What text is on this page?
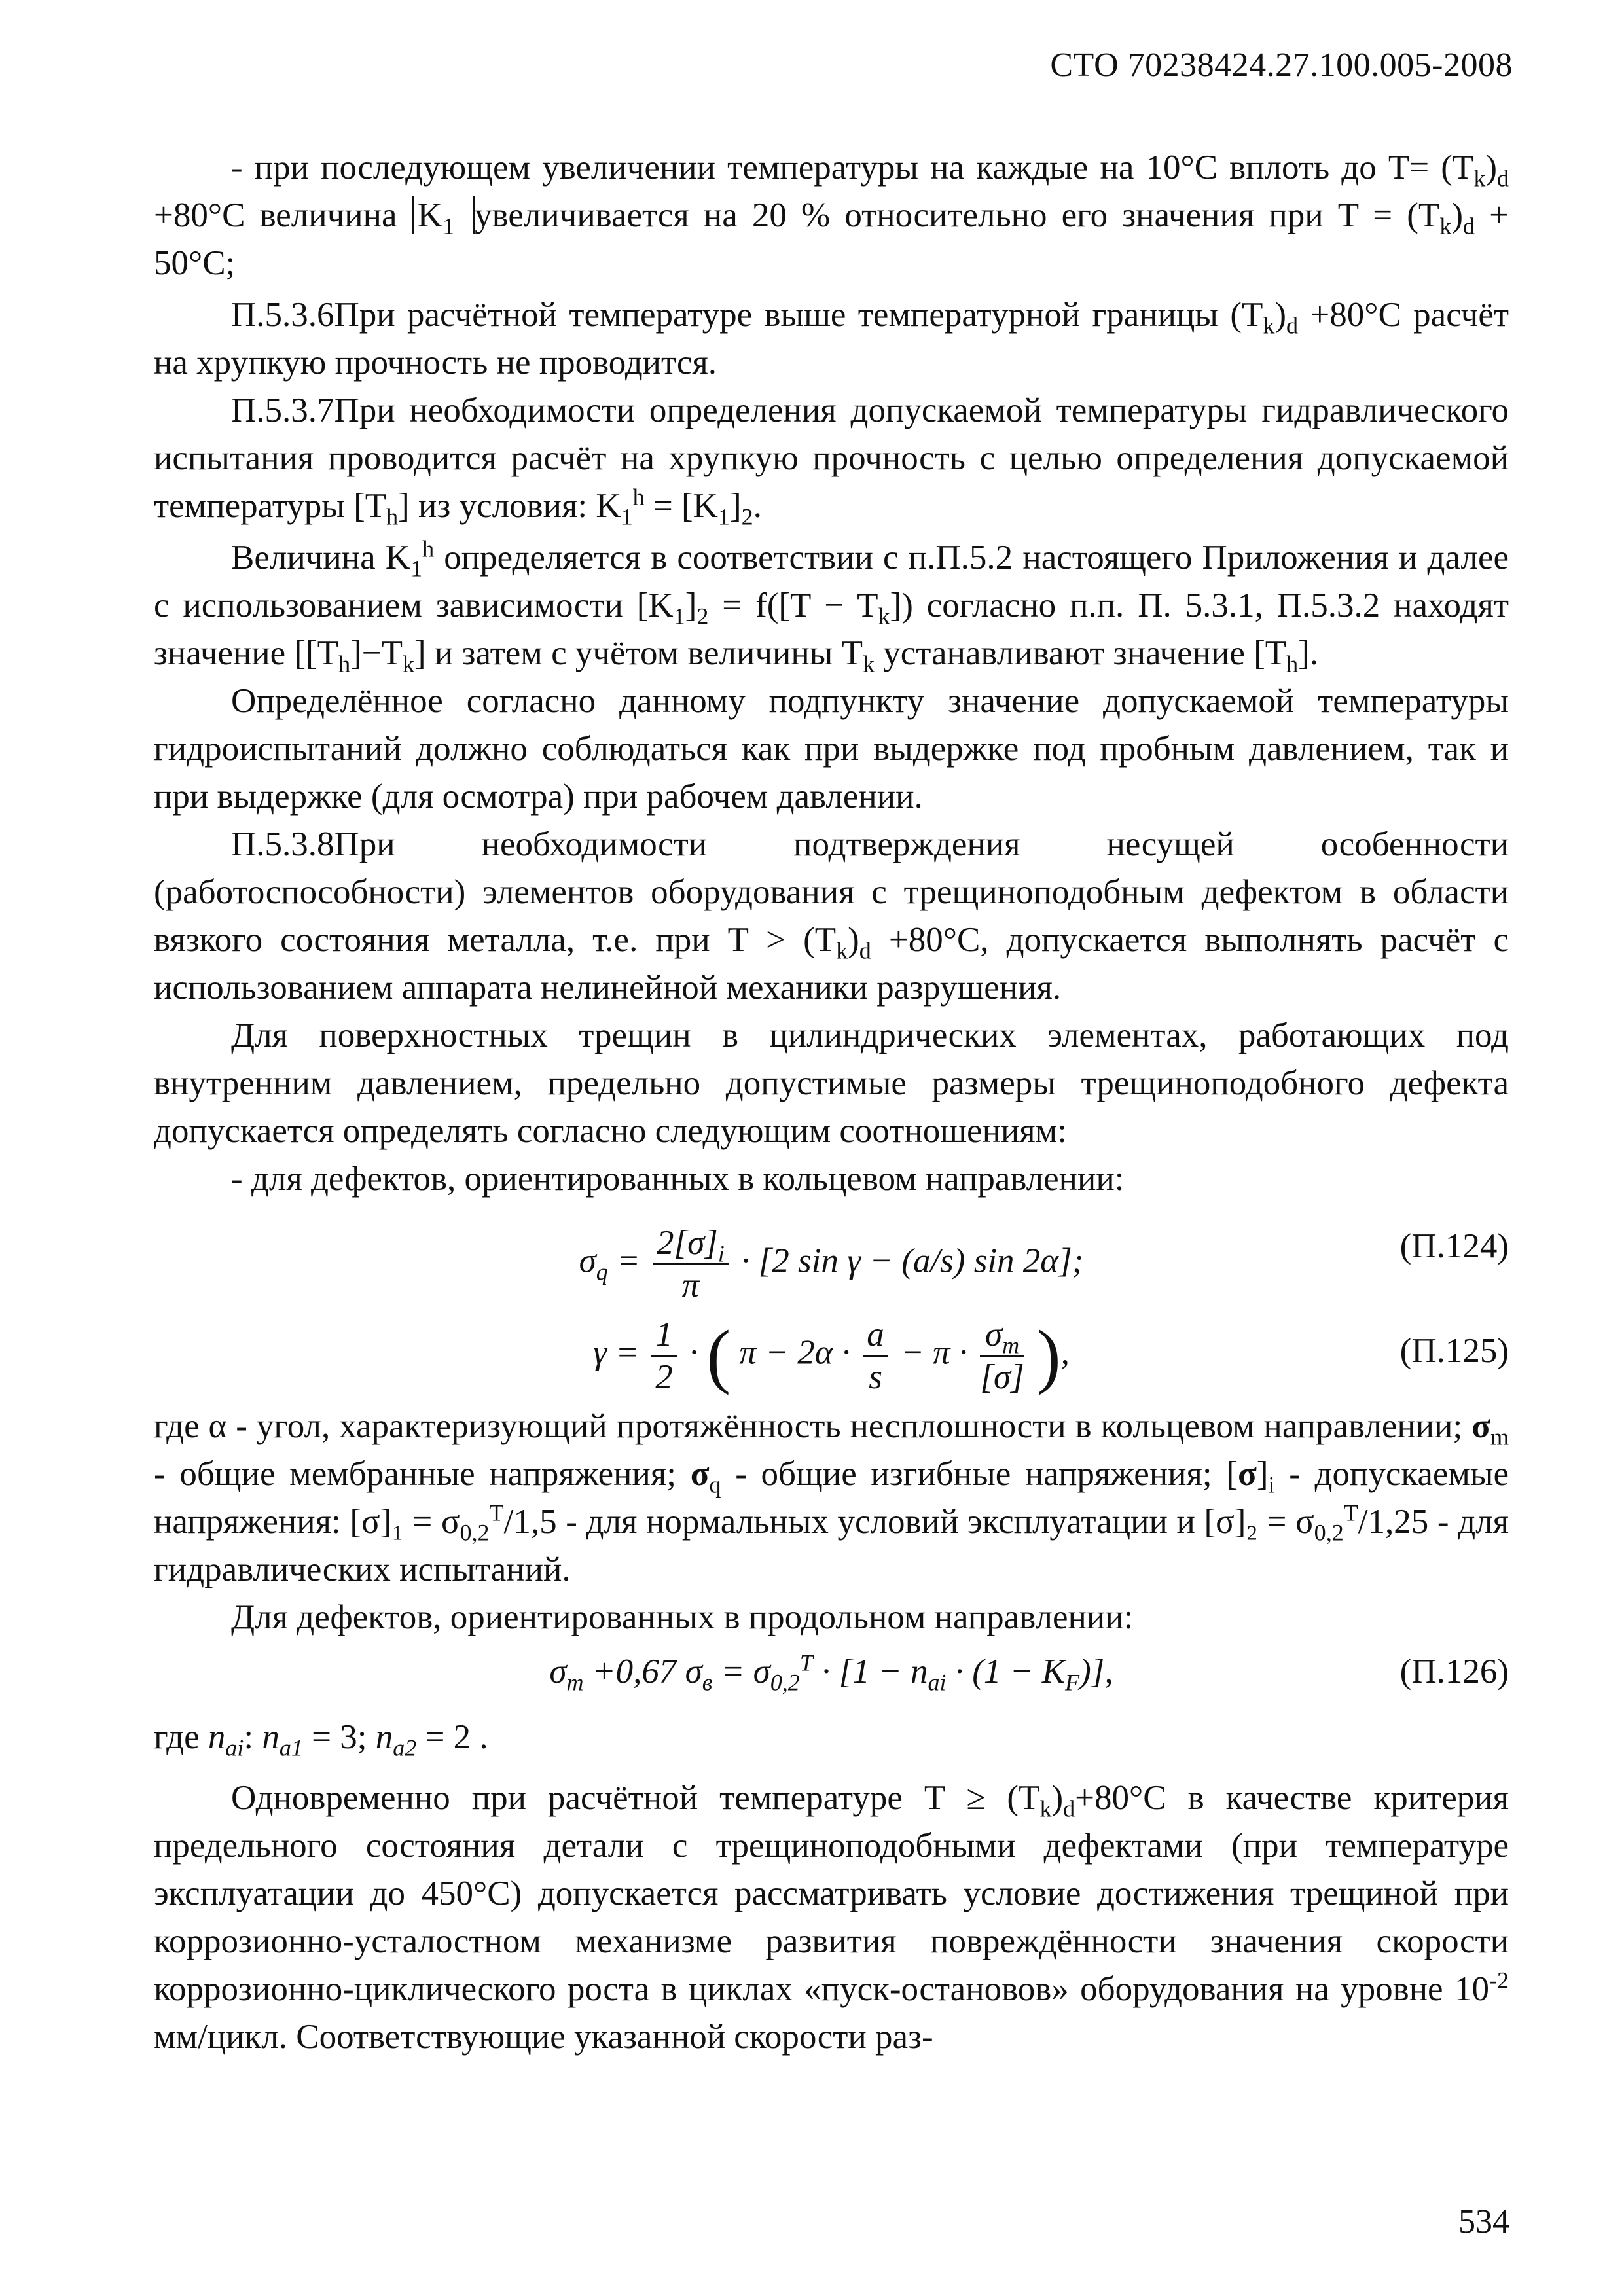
СТО 70238424.27.100.005-2008

- при последующем увеличении температуры на каждые на 10°С вплоть до $T= (T_k)_d +80^\circ С$ величина $K_1$ увеличивается на 20 % относительно его значения при $T = (T_k)_d + 50^\circ С$;

П.5.3.6При расчётной температуре выше температурной границы $(T_k)_d +80^\circ С$ расчёт на хрупкую прочность не проводится.

П.5.3.7При необходимости определения допускаемой температуры гидравлического испытания проводится расчёт на хрупкую прочность с целью определения допускаемой температуры $[T_h]$ из условия: $K_1^h = [K_1]_2$.

Величина $K_1^h$ определяется в соответствии с п.П.5.2 настоящего Приложения и далее с использованием зависимости $[K_1]_2 = f([T - T_k])$ согласно п.п. П. 5.3.1, П.5.3.2 находят значение $[[T_h]-T_k]$ и затем с учётом величины $T_k$ устанавливают значение $[T_h]$.

Определённое согласно данному подпункту значение допускаемой температуры гидроиспытаний должно соблюдаться как при выдержке под пробным давлением, так и при выдержке (для осмотра) при рабочем давлении.

П.5.3.8При необходимости подтверждения несущей особенности (работоспособности) элементов оборудования с трещиноподобным дефектом в области вязкого состояния металла, т.е. при $T > (T_k)_d +80^\circ С$, допускается выполнять расчёт с использованием аппарата нелинейной механики разрушения.

Для поверхностных трещин в цилиндрических элементах, работающих под внутренним давлением, предельно допустимые размеры трещиноподобного дефекта допускается определять согласно следующим соотношениям:

- для дефектов, ориентированных в кольцевом направлении:

$\sigma_q = \frac{2[\sigma]_i}{\pi} \cdot [2$ sin γ − (a/s) sin 2α];	(П.124)
$\gamma = \frac{1}{2}$ · ( $\pi - 2\alpha \cdot \frac{a}{s} - \pi \cdot \frac{\sigma_m}{[\sigma]}$ ),	(П.125)

где α - угол, характеризующий протяжённость несплошности в кольцевом направлении; $\sigma_m$ - общие мембранные напряжения; $\sigma_q$ - общие изгибные напряжения; $[\sigma]_i$ - допускаемые напряжения: $[\sigma]_1 = \sigma_{0,2}^T/1,5$ - для нормальных условий эксплуатации и $[\sigma]_2 = \sigma_{0,2}^T/1,25$ - для гидравлических испытаний.

Для дефектов, ориентированных в продольном направлении:

$\sigma_m +0,67$ $\sigma_в = \sigma_{0,2}^T \cdot [1 - n_{ai} \cdot (1 - K_F)]$,	(П.126)

где $n_{ai}$: $n_{a1} = 3$; $n_{a2} = 2$ .

Одновременно при расчётной температуре $T \ge (T_k)_d+80^\circ С$ в качестве критерия предельного состояния детали с трещиноподобными дефектами (при температуре эксплуатации до 450°С) допускается рассматривать условие достижения трещиной при коррозионно-усталостном механизме развития повреждённости значения скорости коррозионно-циклического роста в циклах «пуск-остановов» оборудования на уровне $10^{-2}$ мм/цикл. Соответствующие указанной скорости раз-

534
